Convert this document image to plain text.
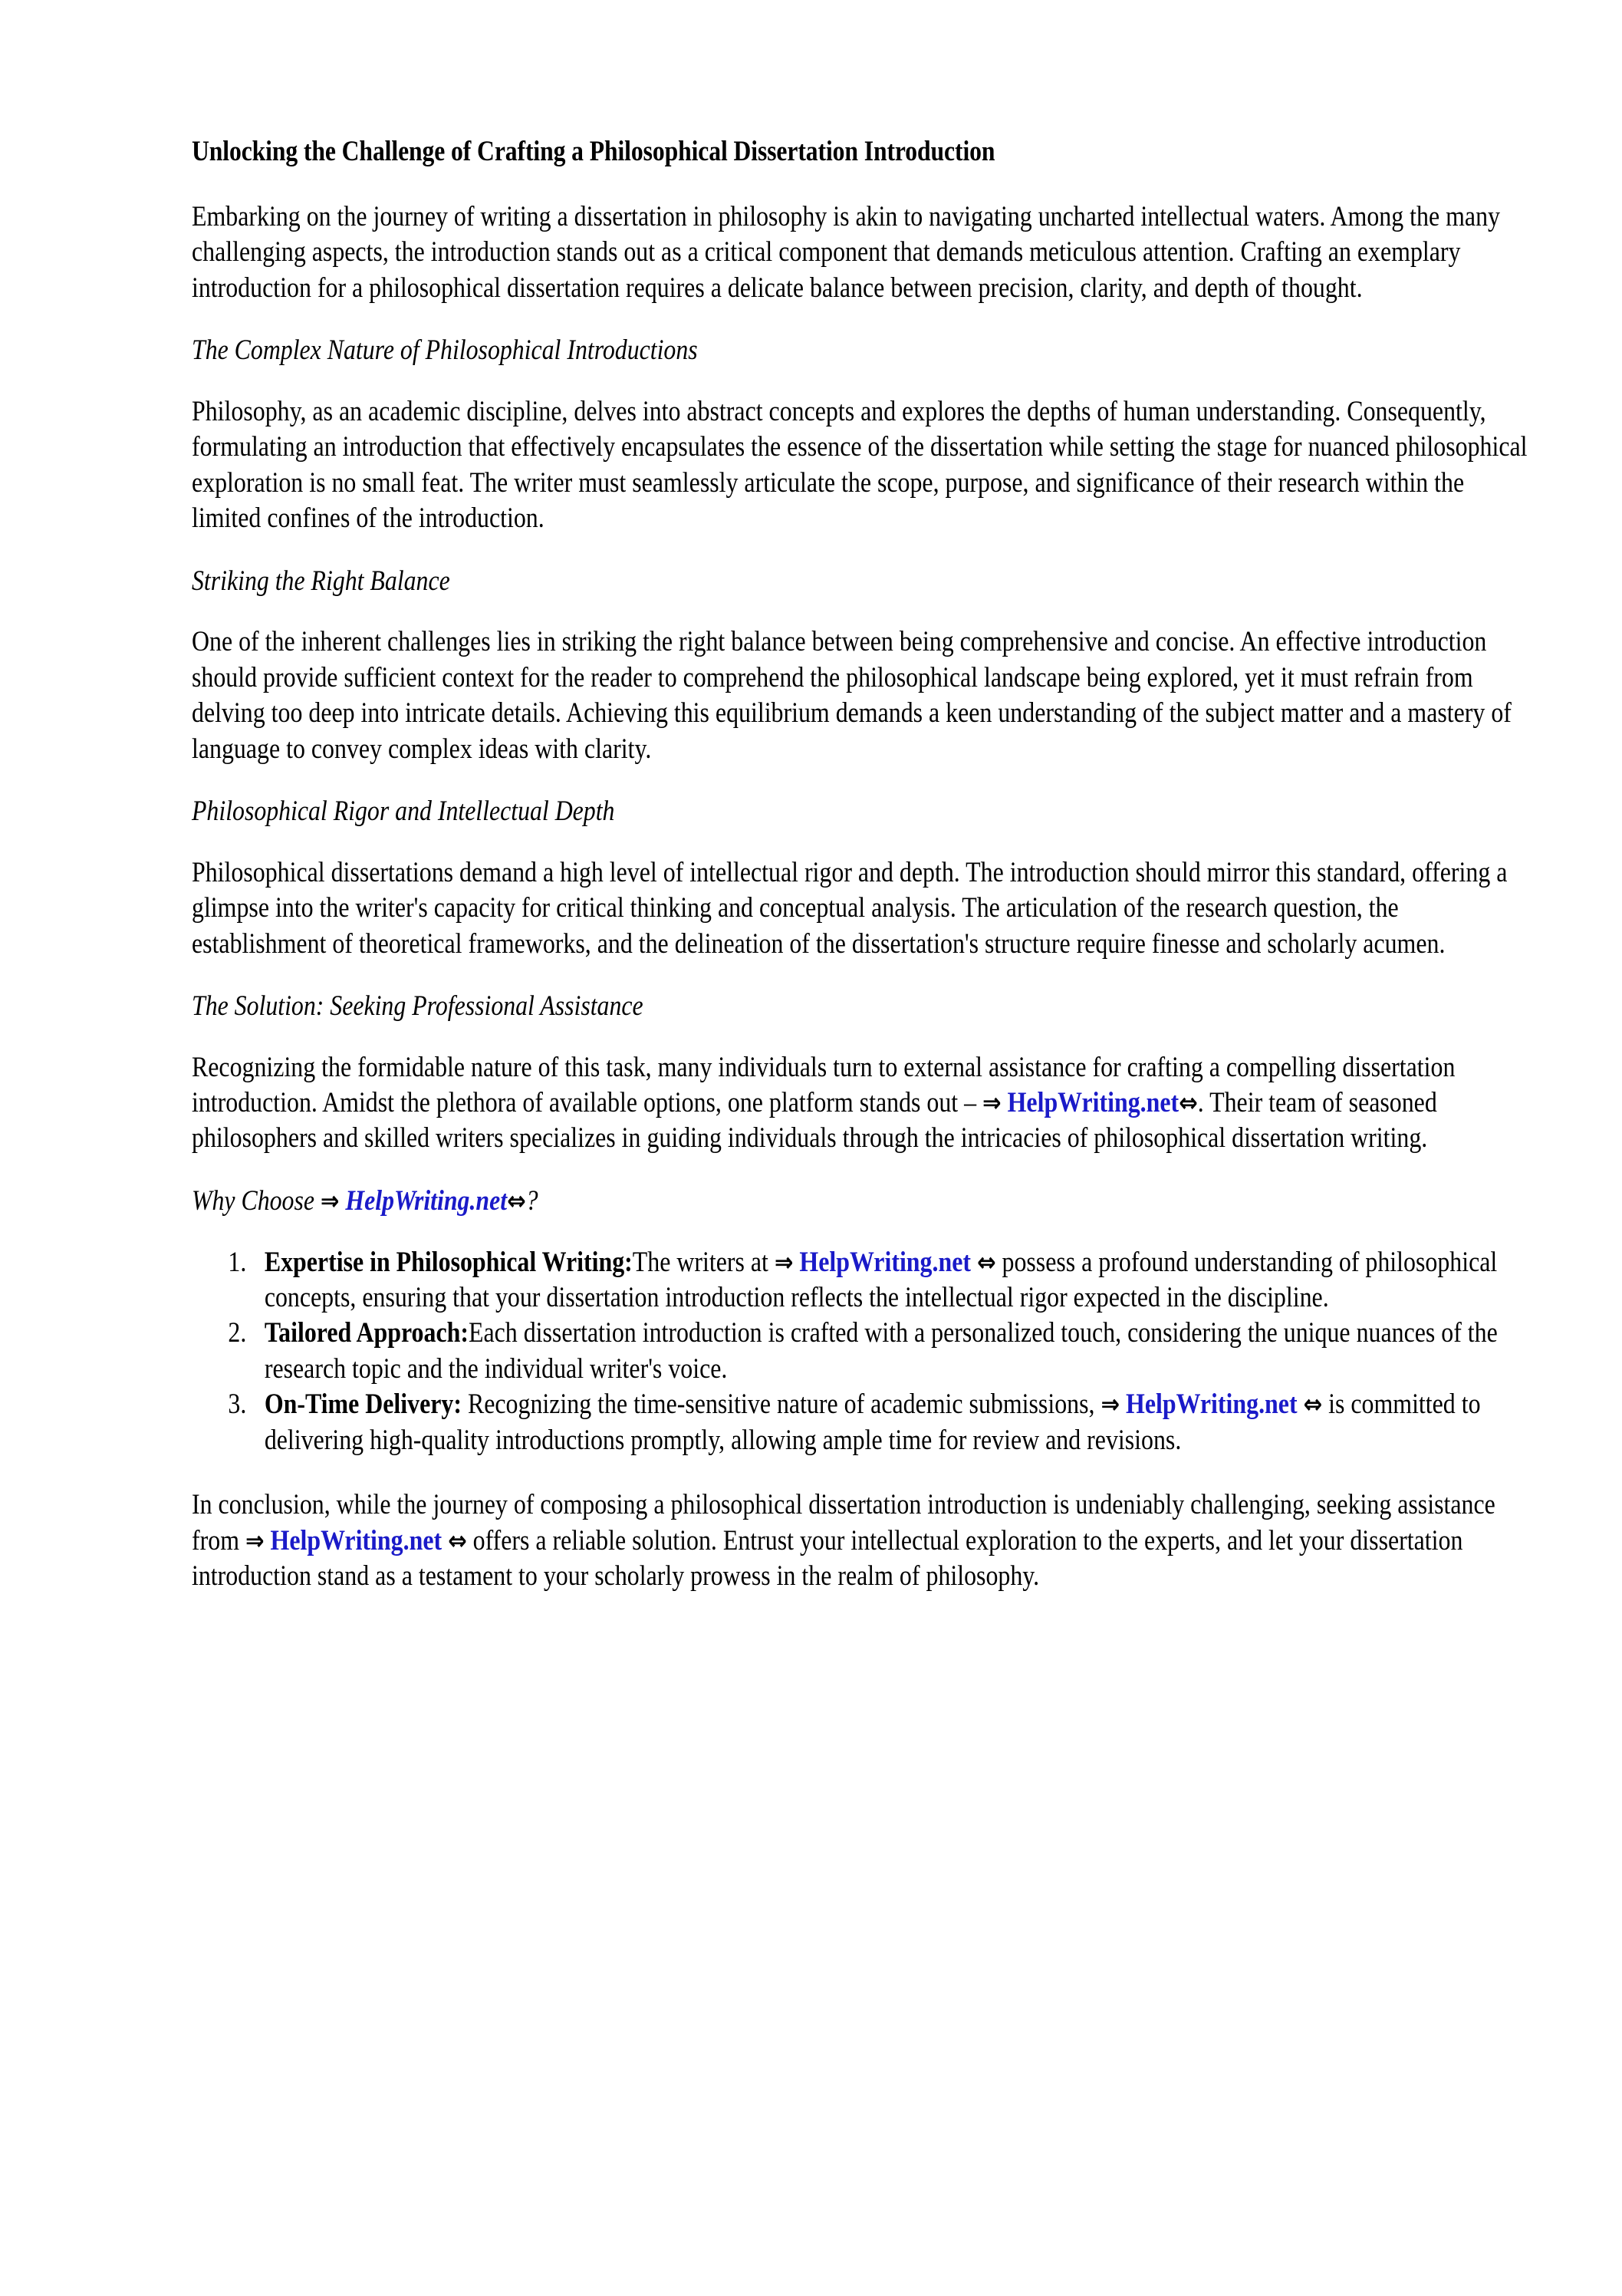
Unlocking the Challenge of Crafting a Philosophical Dissertation Introduction

Embarking on the journey of writing a dissertation in philosophy is akin to navigating uncharted intellectual waters. Among the many challenging aspects, the introduction stands out as a critical component that demands meticulous attention. Crafting an exemplary introduction for a philosophical dissertation requires a delicate balance between precision, clarity, and depth of thought.

The Complex Nature of Philosophical Introductions

Philosophy, as an academic discipline, delves into abstract concepts and explores the depths of human understanding. Consequently, formulating an introduction that effectively encapsulates the essence of the dissertation while setting the stage for nuanced philosophical exploration is no small feat. The writer must seamlessly articulate the scope, purpose, and significance of their research within the limited confines of the introduction.

Striking the Right Balance

One of the inherent challenges lies in striking the right balance between being comprehensive and concise. An effective introduction should provide sufficient context for the reader to comprehend the philosophical landscape being explored, yet it must refrain from delving too deep into intricate details. Achieving this equilibrium demands a keen understanding of the subject matter and a mastery of language to convey complex ideas with clarity.

Philosophical Rigor and Intellectual Depth

Philosophical dissertations demand a high level of intellectual rigor and depth. The introduction should mirror this standard, offering a glimpse into the writer's capacity for critical thinking and conceptual analysis. The articulation of the research question, the establishment of theoretical frameworks, and the delineation of the dissertation's structure require finesse and scholarly acumen.

The Solution: Seeking Professional Assistance

Recognizing the formidable nature of this task, many individuals turn to external assistance for crafting a compelling dissertation introduction. Amidst the plethora of available options, one platform stands out – ⇒ HelpWriting.net⇔. Their team of seasoned philosophers and skilled writers specializes in guiding individuals through the intricacies of philosophical dissertation writing.

Why Choose ⇒ HelpWriting.net⇔?
1. Expertise in Philosophical Writing:The writers at ⇒ HelpWriting.net ⇔ possess a profound understanding of philosophical concepts, ensuring that your dissertation introduction reflects the intellectual rigor expected in the discipline.
2. Tailored Approach:Each dissertation introduction is crafted with a personalized touch, considering the unique nuances of the research topic and the individual writer's voice.
3. On-Time Delivery: Recognizing the time-sensitive nature of academic submissions, ⇒ HelpWriting.net ⇔ is committed to delivering high-quality introductions promptly, allowing ample time for review and revisions.

In conclusion, while the journey of composing a philosophical dissertation introduction is undeniably challenging, seeking assistance from ⇒ HelpWriting.net ⇔ offers a reliable solution. Entrust your intellectual exploration to the experts, and let your dissertation introduction stand as a testament to your scholarly prowess in the realm of philosophy.
